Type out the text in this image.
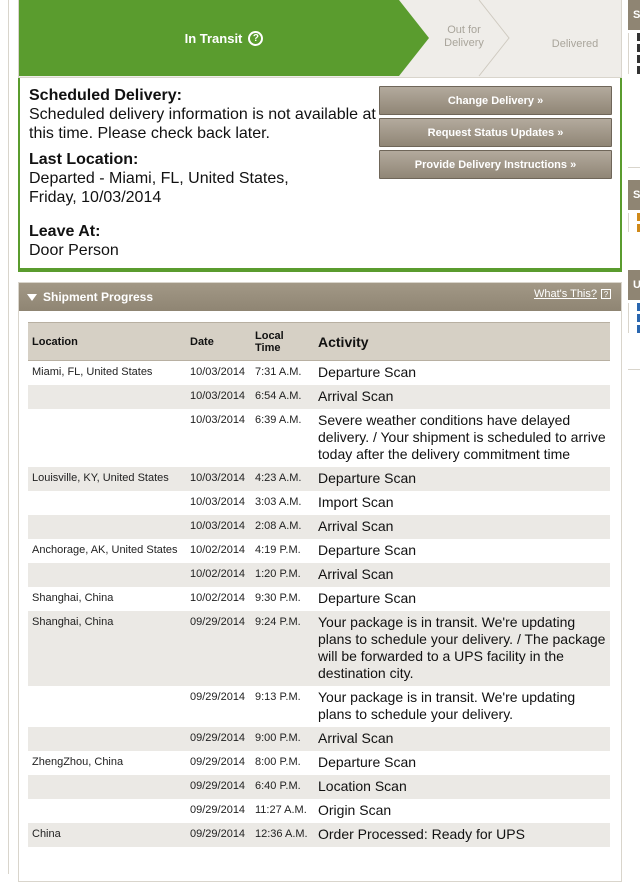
In Transit	?
Out for
Delivery	Delivered
Scheduled Delivery:

Scheduled delivery information is not available at this time. Please check back later.

Last Location:

Departed - Miami, FL, United States, Friday, 10/03/2014

Leave At:

Door Person

Change Delivery »
Request Status Updates »
Provide Delivery Instructions »
Shipment Progress	What's This? ?
Location	Date	Local Time	Activity
Miami, FL, United States	10/03/2014	7:31 A.M.	Departure Scan
	10/03/2014	6:54 A.M.	Arrival Scan
	10/03/2014	6:39 A.M.	Severe weather conditions have delayed delivery. / Your shipment is scheduled to arrive today after the delivery commitment time
Louisville, KY, United States	10/03/2014	4:23 A.M.	Departure Scan
	10/03/2014	3:03 A.M.	Import Scan
	10/03/2014	2:08 A.M.	Arrival Scan
Anchorage, AK, United States	10/02/2014	4:19 P.M.	Departure Scan
	10/02/2014	1:20 P.M.	Arrival Scan
Shanghai, China	10/02/2014	9:30 P.M.	Departure Scan
Shanghai, China	09/29/2014	9:24 P.M.	Your package is in transit. We're updating plans to schedule your delivery. / The package will be forwarded to a UPS facility in the destination city.
	09/29/2014	9:13 P.M.	Your package is in transit. We're updating plans to schedule your delivery.
	09/29/2014	9:00 P.M.	Arrival Scan
ZhengZhou, China	09/29/2014	8:00 P.M.	Departure Scan
	09/29/2014	6:40 P.M.	Location Scan
	09/29/2014	11:27 A.M.	Origin Scan
China	09/29/2014	12:36 A.M.	Order Processed: Ready for UPS
S
S
U
